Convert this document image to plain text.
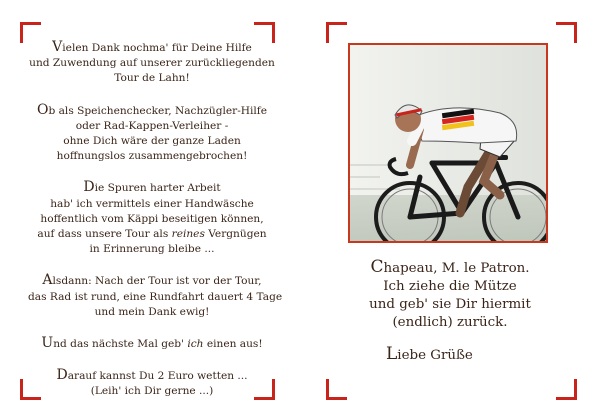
Vielen Dank nochma' für Deine Hilfe
und Zuwendung auf unserer zurückliegenden
Tour de Lahn!

Ob als Speichenchecker, Nachzügler-Hilfe
oder Rad-Kappen-Verleiher -
ohne Dich wäre der ganze Laden
hoffnungslos zusammengebrochen!

Die Spuren harter Arbeit
hab' ich vermittels einer Handwäsche
hoffentlich vom Käppi beseitigen können,
auf dass unsere Tour als reines Vergnügen
in Erinnerung bleibe ...

Alsdann: Nach der Tour ist vor der Tour,
das Rad ist rund, eine Rundfahrt dauert 4 Tage
und mein Dank ewig!

Und das nächste Mal geb' ich einen aus!

Darauf kannst Du 2 Euro wetten ...
(Leih' ich Dir gerne ...)

Chapeau, M. le Patron.
Ich ziehe die Mütze
und geb' sie Dir hiermit
(endlich) zurück.
Liebe Grüße
